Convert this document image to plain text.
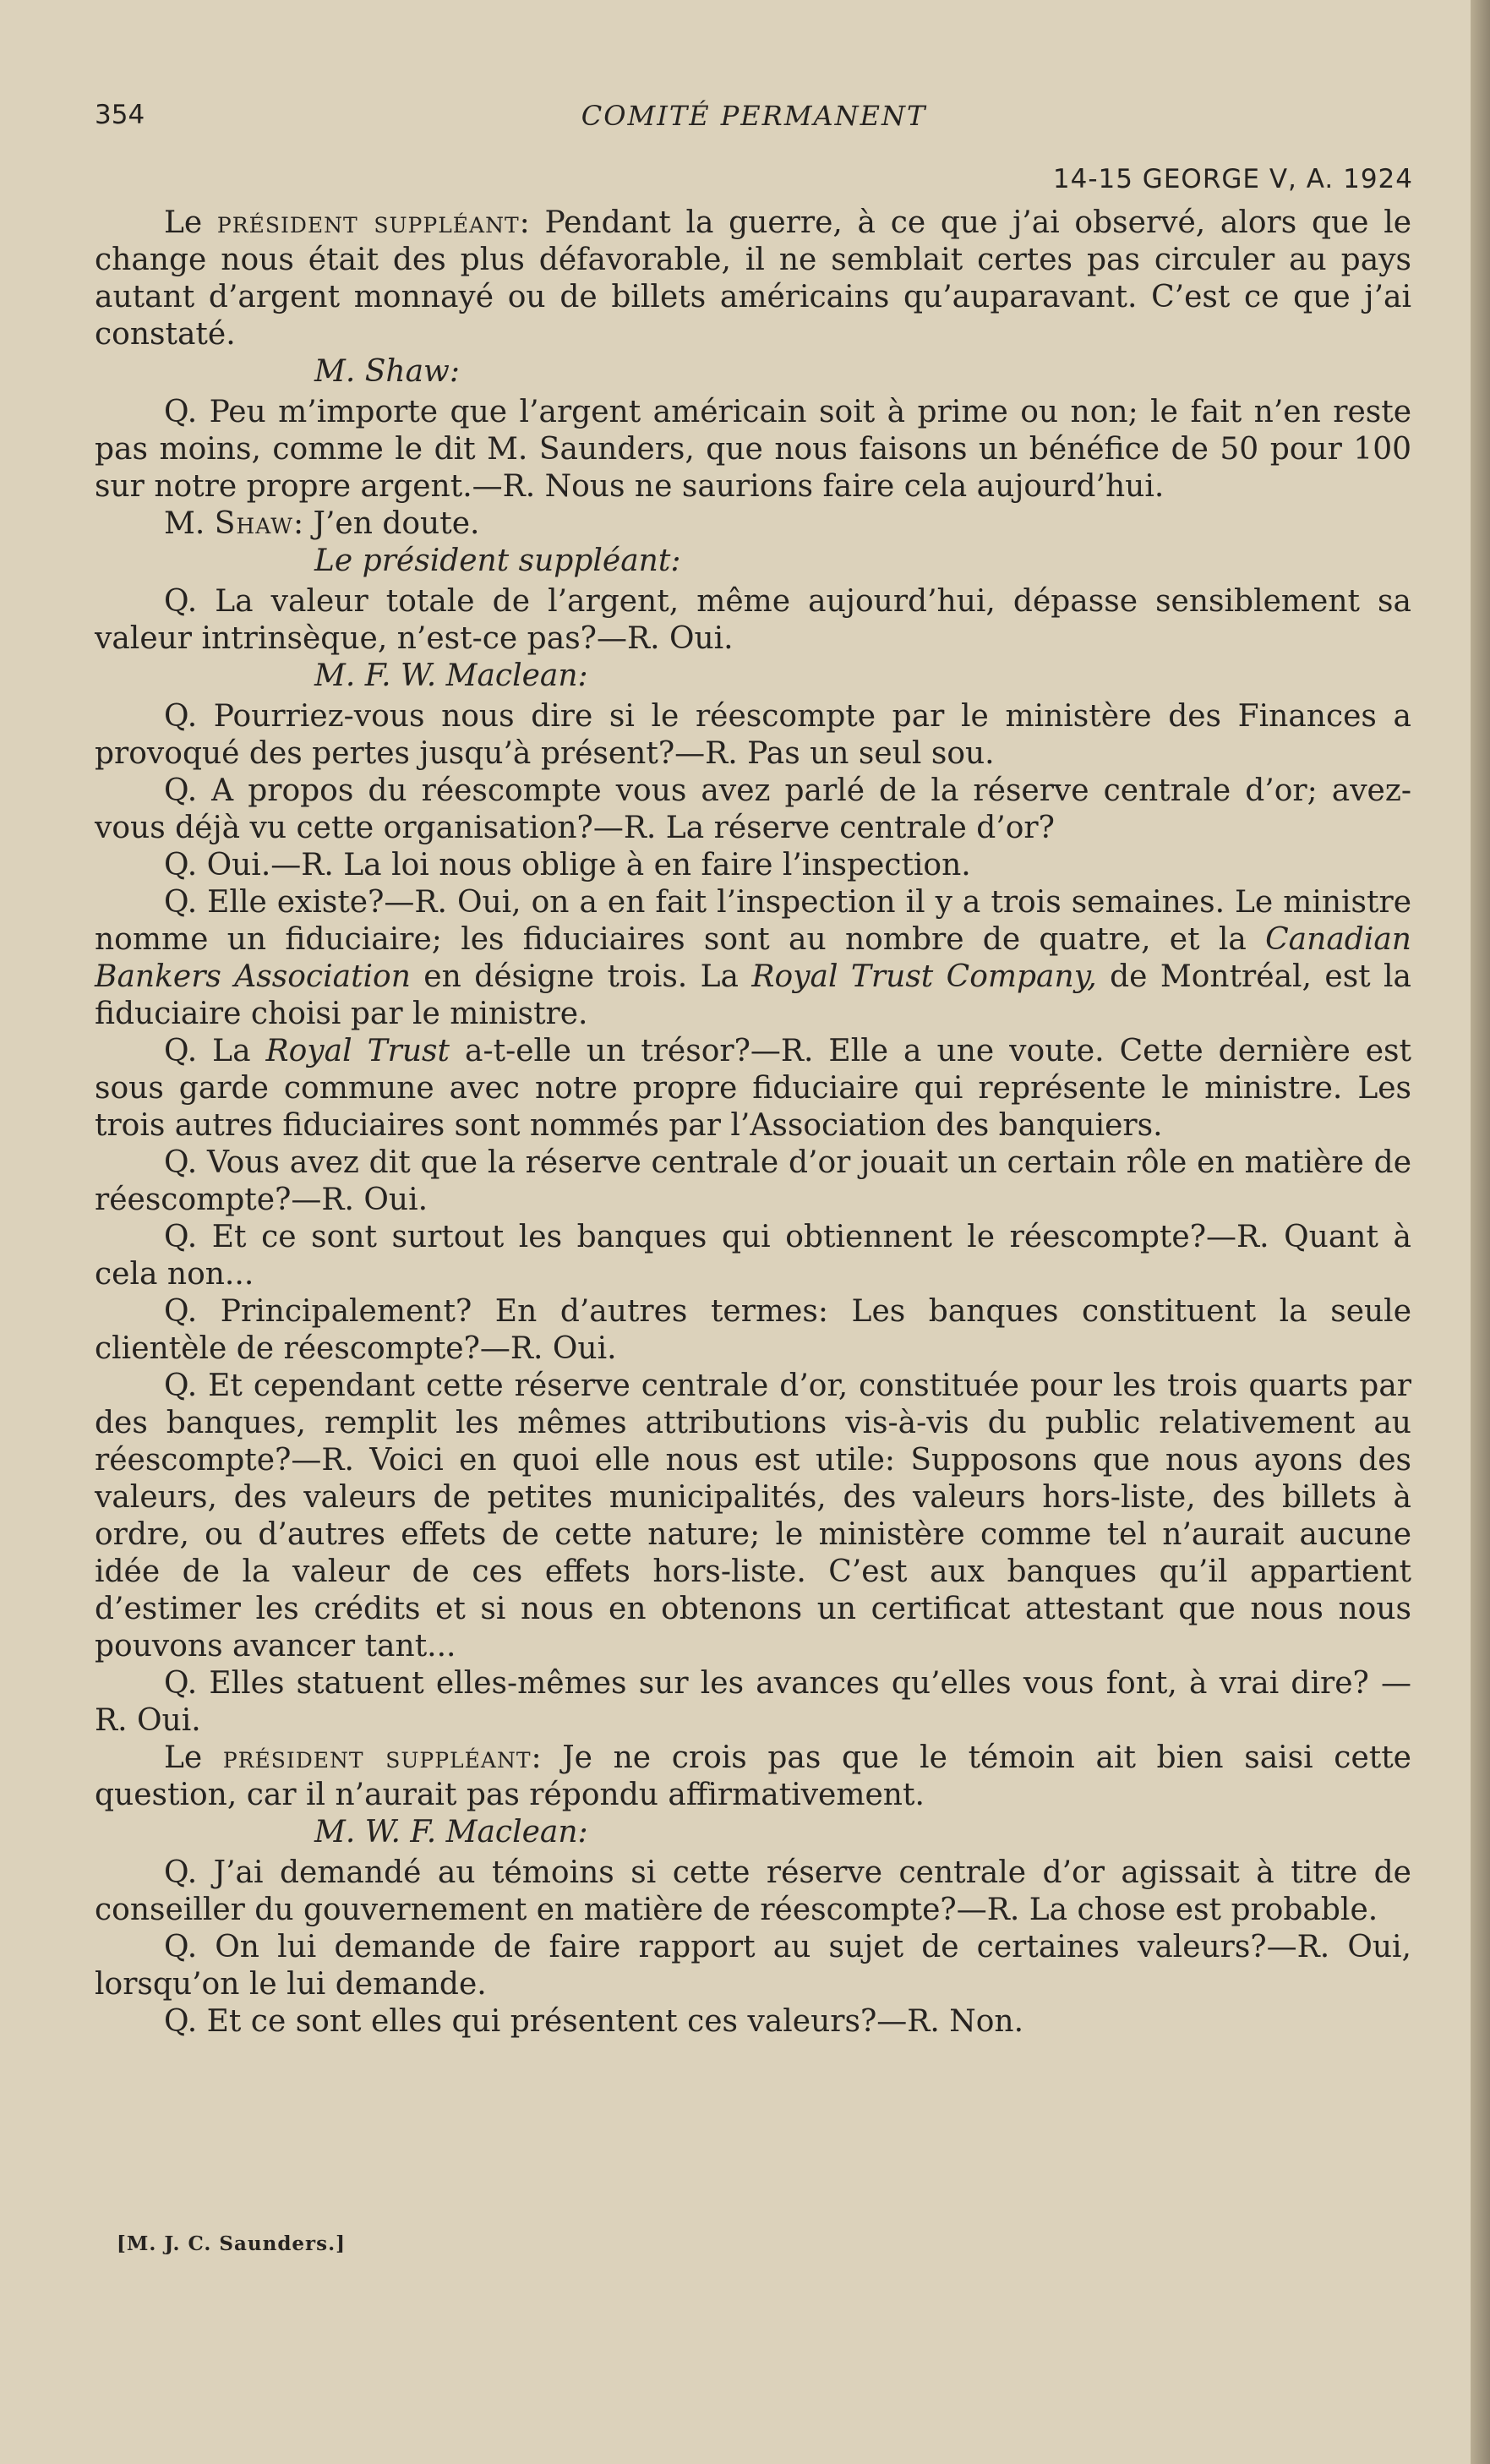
354	COMITÉ PERMANENT
14-15 GEORGE V, A. 1924

Le président suppléant: Pendant la guerre, à ce que j’ai observé, alors que le change nous était des plus défavorable, il ne semblait certes pas circuler au pays autant d’argent monnayé ou de billets américains qu’auparavant. C’est ce que j’ai constaté.

M. Shaw:

Q. Peu m’importe que l’argent américain soit à prime ou non; le fait n’en reste pas moins, comme le dit M. Saunders, que nous faisons un bénéfice de 50 pour 100 sur notre propre argent.—R. Nous ne saurions faire cela aujourd’hui.

M. Shaw: J’en doute.

Le président suppléant:

Q. La valeur totale de l’argent, même aujourd’hui, dépasse sensiblement sa valeur intrinsèque, n’est-ce pas?—R. Oui.

M. F. W. Maclean:

Q. Pourriez-vous nous dire si le réescompte par le ministère des Finances a provoqué des pertes jusqu’à présent?—R. Pas un seul sou.

Q. A propos du réescompte vous avez parlé de la réserve centrale d’or; avez-vous déjà vu cette organisation?—R. La réserve centrale d’or?

Q. Oui.—R. La loi nous oblige à en faire l’inspection.

Q. Elle existe?—R. Oui, on a en fait l’inspection il y a trois semaines. Le ministre nomme un fiduciaire; les fiduciaires sont au nombre de quatre, et la Canadian Bankers Association en désigne trois. La Royal Trust Company, de Montréal, est la fiduciaire choisi par le ministre.

Q. La Royal Trust a-t-elle un trésor?—R. Elle a une voute. Cette dernière est sous garde commune avec notre propre fiduciaire qui représente le ministre. Les trois autres fiduciaires sont nommés par l’Association des banquiers.

Q. Vous avez dit que la réserve centrale d’or jouait un certain rôle en matière de réescompte?—R. Oui.

Q. Et ce sont surtout les banques qui obtiennent le réescompte?—R. Quant à cela non...

Q. Principalement? En d’autres termes: Les banques constituent la seule clientèle de réescompte?—R. Oui.

Q. Et cependant cette réserve centrale d’or, constituée pour les trois quarts par des banques, remplit les mêmes attributions vis-à-vis du public relativement au réescompte?—R. Voici en quoi elle nous est utile: Supposons que nous ayons des valeurs, des valeurs de petites municipalités, des valeurs hors-liste, des billets à ordre, ou d’autres effets de cette nature; le ministère comme tel n’aurait aucune idée de la valeur de ces effets hors-liste. C’est aux banques qu’il appartient d’estimer les crédits et si nous en obtenons un certificat attestant que nous nous pouvons avancer tant...

Q. Elles statuent elles-mêmes sur les avances qu’elles vous font, à vrai dire? —R. Oui.

Le président suppléant: Je ne crois pas que le témoin ait bien saisi cette question, car il n’aurait pas répondu affirmativement.

M. W. F. Maclean:

Q. J’ai demandé au témoins si cette réserve centrale d’or agissait à titre de conseiller du gouvernement en matière de réescompte?—R. La chose est probable.

Q. On lui demande de faire rapport au sujet de certaines valeurs?—R. Oui, lorsqu’on le lui demande.

Q. Et ce sont elles qui présentent ces valeurs?—R. Non.

[M. J. C. Saunders.]
